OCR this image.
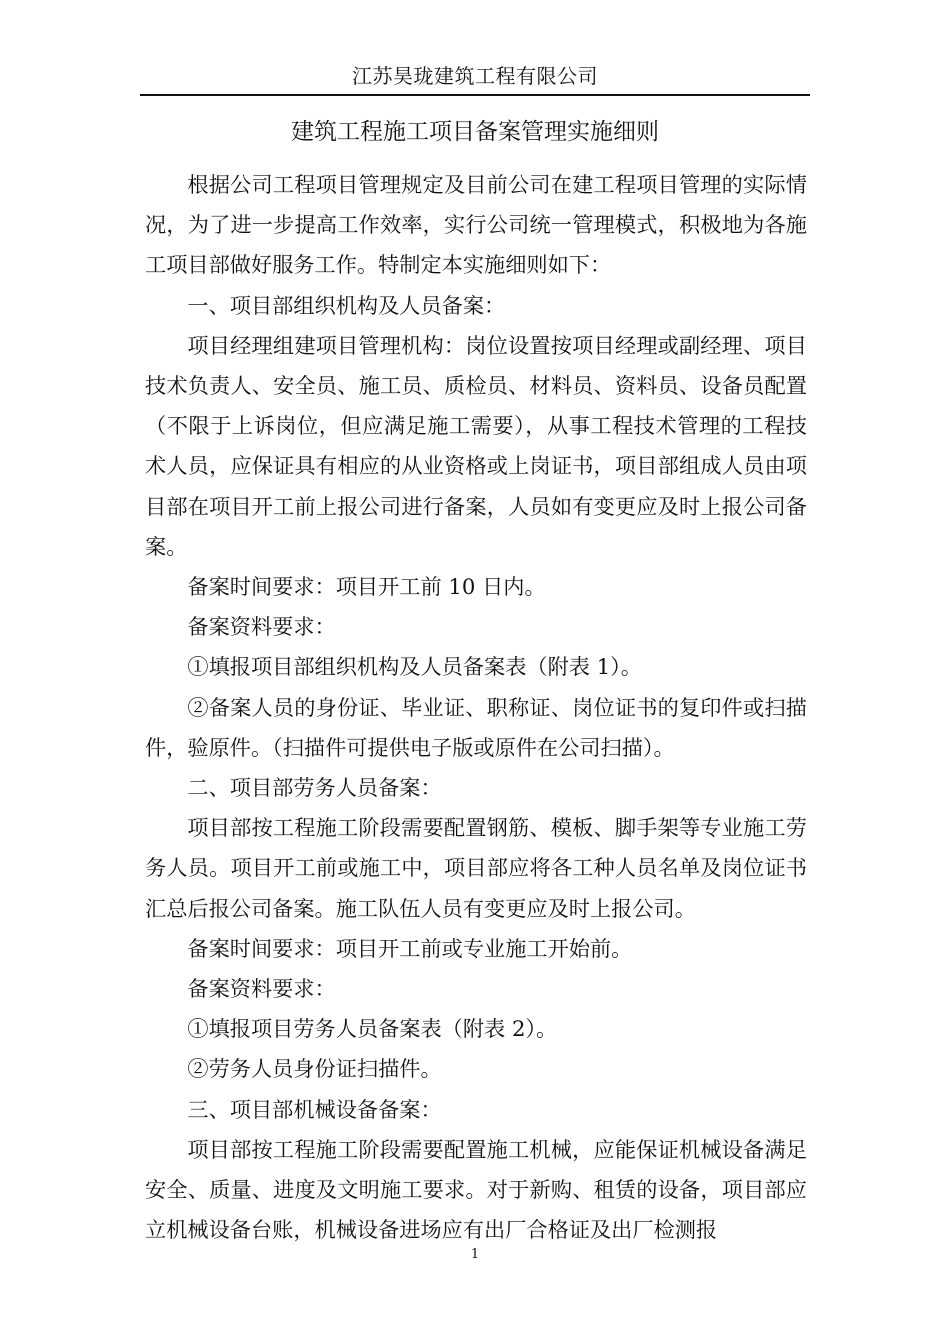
江苏昊珑建筑工程有限公司
建筑工程施工项目备案管理实施细则

根据公司工程项目管理规定及目前公司在建工程项目管理的实际情况，为了进一步提高工作效率，实行公司统一管理模式，积极地为各施工项目部做好服务工作。特制定本实施细则如下：

一、项目部组织机构及人员备案：

项目经理组建项目管理机构：岗位设置按项目经理或副经理、项目技术负责人、安全员、施工员、质检员、材料员、资料员、设备员配置（不限于上诉岗位，但应满足施工需要），从事工程技术管理的工程技术人员，应保证具有相应的从业资格或上岗证书，项目部组成人员由项目部在项目开工前上报公司进行备案，人员如有变更应及时上报公司备案。

备案时间要求：项目开工前 10 日内。

备案资料要求：

①填报项目部组织机构及人员备案表（附表 1）。

②备案人员的身份证、毕业证、职称证、岗位证书的复印件或扫描件，验原件。（扫描件可提供电子版或原件在公司扫描）。

二、项目部劳务人员备案：

项目部按工程施工阶段需要配置钢筋、模板、脚手架等专业施工劳务人员。项目开工前或施工中，项目部应将各工种人员名单及岗位证书汇总后报公司备案。施工队伍人员有变更应及时上报公司。

备案时间要求：项目开工前或专业施工开始前。

备案资料要求：

①填报项目劳务人员备案表（附表 2）。

②劳务人员身份证扫描件。

三、项目部机械设备备案：

项目部按工程施工阶段需要配置施工机械，应能保证机械设备满足安全、质量、进度及文明施工要求。对于新购、租赁的设备，项目部应立机械设备台账，机械设备进场应有出厂合格证及出厂检测报

1
